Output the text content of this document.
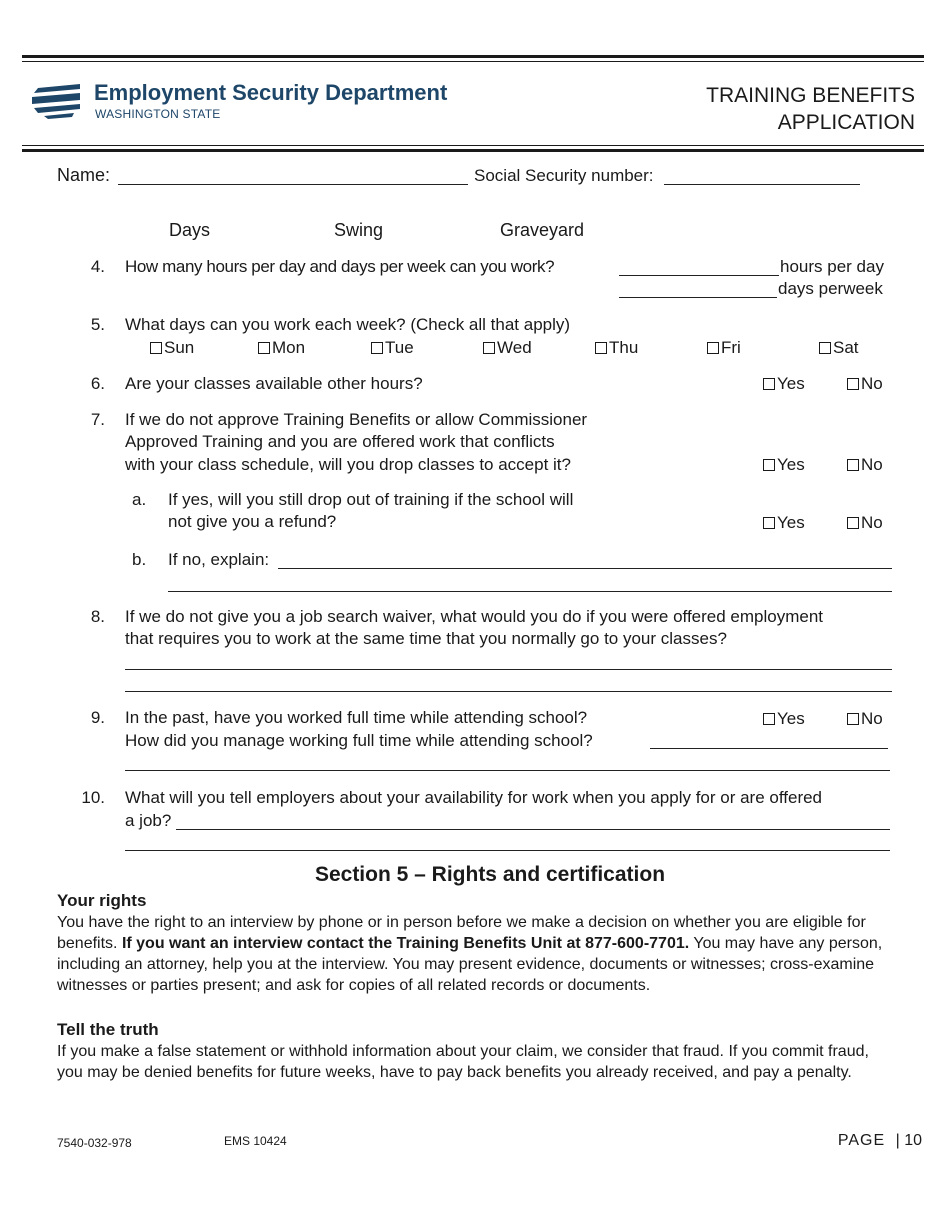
Employment Security Department
WASHINGTON STATE
TRAINING BENEFITS
APPLICATION
Name:	Social Security number:
Days	Swing	Graveyard
4. How many hours per day and days per week can you work?	hours per day
days perweek
5. What days can you work each week? (Check all that apply)
Sun	Mon	Tue	Wed	Thu	Fri	Sat
6. Are your classes available other hours?	Yes	No
7. If we do not approve Training Benefits or allow Commissioner
Approved Training and you are offered work that conflicts
with your class schedule, will you drop classes to accept it?	Yes	No
a. If yes, will you still drop out of training if the school will
not give you a refund?	Yes	No
b. If no, explain:
8. If we do not give you a job search waiver, what would you do if you were offered employment
that requires you to work at the same time that you normally go to your classes?
9. In the past, have you worked full time while attending school?
How did you manage working full time while attending school?
Yes	No
10. What will you tell employers about your availability for work when you apply for or are offered
a job?
Section 5 – Rights and certification
Your rights
You have the right to an interview by phone or in person before we make a decision on whether you are eligible for benefits. If you want an interview contact the Training Benefits Unit at 877-600-7701. You may have any person, including an attorney, help you at the interview. You may present evidence, documents or witnesses; cross-examine witnesses or parties present; and ask for copies of all related records or documents.
Tell the truth
If you make a false statement or withhold information about your claim, we consider that fraud. If you commit fraud, you may be denied benefits for future weeks, have to pay back benefits you already received, and pay a penalty.
7540-032-978	EMS 10424	PAGE | 10
